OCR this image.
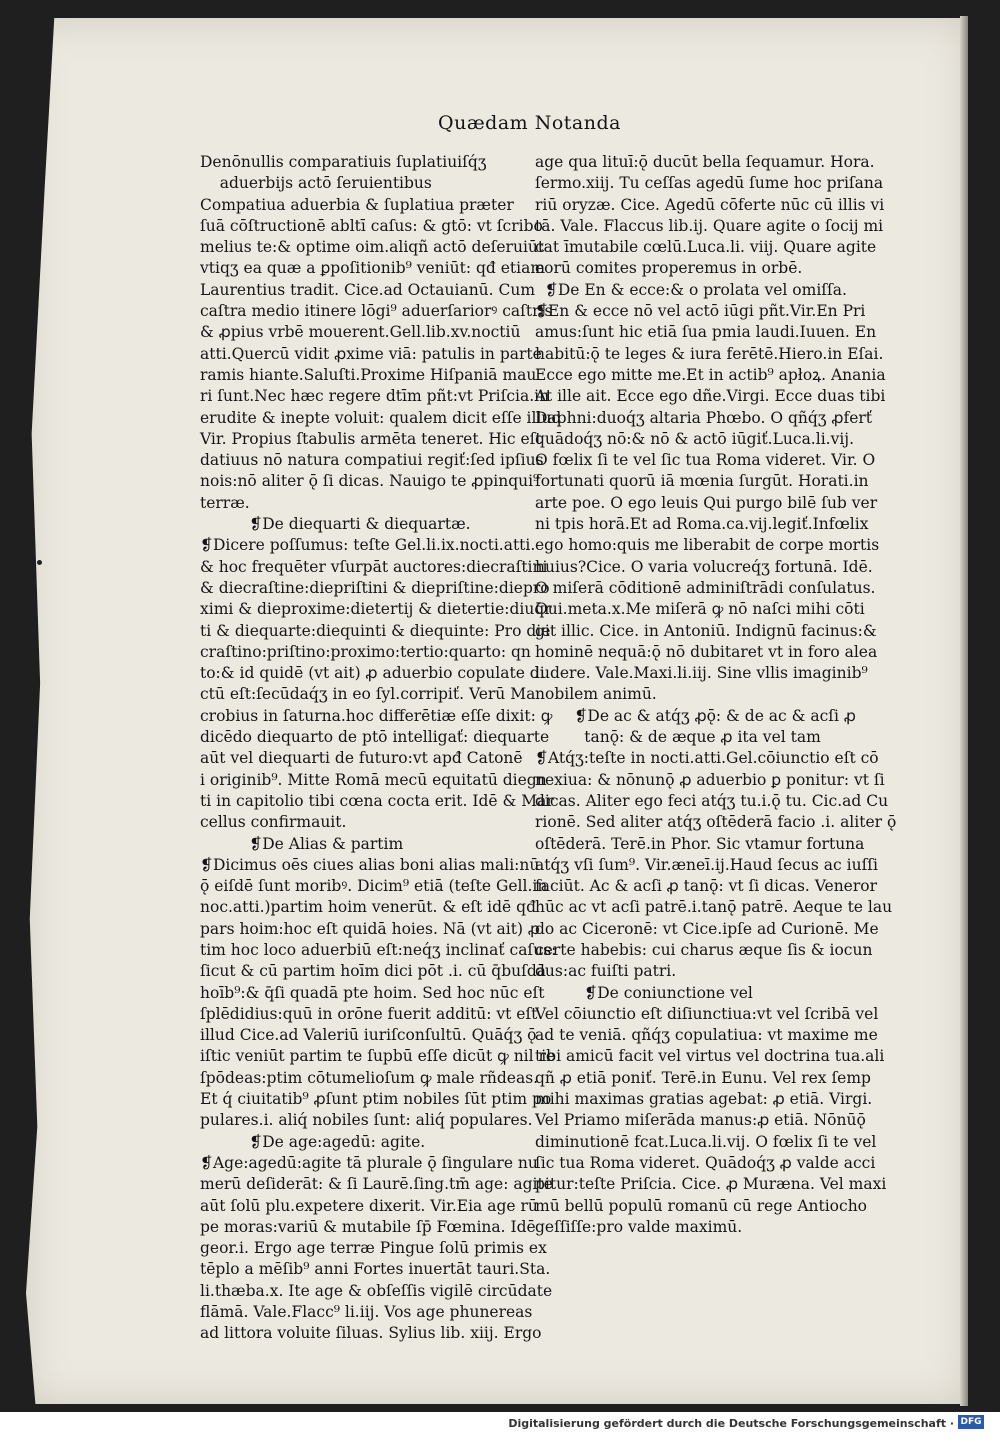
Quædam Notanda
Denōnullis comparatiuis ſuplatiuiſq́ʒ
aduerbijs actō ſeruientibus
Compatiua aduerbia & ſuplatiua præter
ſuā cōſtructionē abltī caſus: & gtō: vt ſcribo
melius te:& optime oim.aliqñ actō deſeruiūt
vtiqʒ ea quæ a ꝑpoſitionib⁹ veniūt: qđ etiam
Laurentius tradit. Cice.ad Octauianū. Cum
caſtra medio itinere lōgi⁹ aduerſariorꝰ caſtris
& ꝓpius vrbē mouerent.Gell.lib.xv.noctiū
atti.Quercū vidit ꝓxime viā: patulis in parte
ramis hiante.Saluſti.Proxime Hiſpaniā mau
ri ſunt.Nec hæc regere dtīm pñt:vt Priſcia.in
erudite & inepte voluit: qualem dicit eſſe illud
Vir. Propius ſtabulis armēta teneret. Hic eſt
datiuus nō natura compatiui regiť:ſed ipſius
nois:nō aliter ǭ ſi dicas. Nauigo te ꝓpinqui⁹
terræ.
❡De diequarti & diequartæ.
❡Dicere poſſumus: teſte Gel.li.ix.nocti.atti.
& hoc frequēter vſurpāt auctores:diecraſtini
& diecraſtine:diepriſtini & diepriſtine:diepro
ximi & dieproxime:dietertij & dietertie:diuq̄r
ti & diequarte:diequinti & diequinte: Pro die
craſtino:priſtino:proximo:tertio:quarto: qn
to:& id quidē (vt ait) ꝓ aduerbio copulate di
ctū eſt:ſecūdaq́ʒ in eo ſyl.corripiť. Verū Ma
crobius in ſaturna.hoc differētiæ eſſe dixit: ꝙ
dicēdo diequarto de ptō intelligať: diequarte
aūt vel diequarti de futuro:vt apđ Catonē
i originib⁹. Mitte Romā mecū equitatū diegn
ti in capitolio tibi cœna cocta erit. Idē & Mar
cellus confirmauit.
❡De Alias & partim
❡Dicimus oēs ciues alias boni alias mali:nū
ǭ eiſdē ſunt moribꝰ. Dicim⁹ etiā (teſte Gell.in
noc.atti.)partim hoim venerūt. & eſt idē qđ
pars hoim:hoc eſt quidā hoies. Nā (vt ait) ꝓ
tim hoc loco aduerbiū eſt:neq́ʒ inclinať caſus:
ſicut & cū partim hoīm dici pōt .i. cū q̄buſdā
hoīb⁹:& q̄ſi quadā pte hoim. Sed hoc nūc eſt
ſplēdidius:quū in orōne fuerit additū: vt eſt
illud Cice.ad Valeriū iuriſconſultū. Quāq́ʒ ǭ
iſtic veniūt partim te ſupbū eſſe dicūt ꝙ nil re
ſpōdeas:ptim cōtumelioſum ꝙ male rñdeas.
Et q́ ciuitatib⁹ ꝓſunt ptim nobiles ſūt ptim po
pulares.i. aliq́ nobiles ſunt: aliq́ populares.
❡De age:agedū: agite.
❡Age:agedū:agite tā plurale ǭ ſingulare nu
merū deſiderāt: & ſi Laurē.ſing.tm̄ age: agite
aūt ſolū plu.expetere dixerit. Vir.Eia age rū
pe moras:variū & mutabile ſp̄ Fœmina. Idē
geor.i. Ergo age terræ Pingue ſolū primis ex
tēplo a mēſib⁹ anni Fortes inuertāt tauri.Sta.
li.thæba.x. Ite age & obſeſſis vigilē circūdate
flāmā. Vale.Flacc⁹ li.iij. Vos age phunereas
ad littora voluite ſiluas. Sylius lib. xiij. Ergo
age qua lituī:ǭ ducūt bella ſequamur. Hora.
ſermo.xiij. Tu ceſſas agedū ſume hoc priſana
riū oryzæ. Cice. Agedū cōferte nūc cū illis vi
tā. Vale. Flaccus lib.ij. Quare agite o ſocij mi
cat īmutabile cœlū.Luca.li. viij. Quare agite
eorū comites properemus in orbē.
❡De En & ecce:& o prolata vel omiſſa.
❡En & ecce nō vel actō iūgi pñt.Vir.En Pri
amus:ſunt hic etiā ſua pmia laudi.Iuuen. En
habitū:ǭ te leges & iura ferētē.Hiero.in Eſai.
Ecce ego mitte me.Et in actib⁹ apłoꝝ. Anania
At ille ait. Ecce ego dñe.Virgi. Ecce duas tibi
Daphni:duoq́ʒ altaria Phœbo. O qñq́ʒ ꝓferť
quādoq́ʒ nō:& nō & actō iūgiť.Luca.li.vij.
O fœlix ſi te vel ſic tua Roma videret. Vir. O
fortunati quorū iā mœnia ſurgūt. Horati.in
arte poe. O ego leuis Qui purgo bilē ſub ver
ni tpis horā.Et ad Roma.ca.vij.legiť.Infœlix
ego homo:quis me liberabit de corpe mortis
huius?Cice. O varia volucreq́ʒ fortunā. Idē.
O miſerā cōditionē adminiſtrādi conſulatus.
Oui.meta.x.Me miſerā ꝙ nō naſci mihi cōti
git illic. Cice. in Antoniū. Indignū facinus:&
hominē nequā:ǭ nō dubitaret vt in foro alea
ludere. Vale.Maxi.li.iij. Sine vllis imaginib⁹
nobilem animū.
❡De ac & atq́ʒ ꝓǭ: & de ac & acſi ꝓ
tanǭ: & de æque ꝓ ita vel tam
❡Atq́ʒ:teſte in nocti.atti.Gel.cōiunctio eſt cō
nexiua: & nōnunǭ ꝓ aduerbio ꝑ ponitur: vt ſi
dicas. Aliter ego feci atq́ʒ tu.i.ǭ tu. Cic.ad Cu
rionē. Sed aliter atq́ʒ oſtēderā facio .i. aliter ǭ
oſtēderā. Terē.in Phor. Sic vtamur fortuna
atq́ʒ vſi ſum⁹. Vir.æneī.ij.Haud ſecus ac iuſſi
faciūt. Ac & acſi ꝓ tanǭ: vt ſi dicas. Veneror
hūc ac vt acſi patrē.i.tanǭ patrē. Aeque te lau
do ac Ciceronē: vt Cice.ipſe ad Curionē. Me
certe habebis: cui charus æque ſis & iocun
dus:ac fuiſti patri.
❡De coniunctione vel
Vel cōiunctio eſt diſiunctiua:vt vel ſcribā vel
ad te veniā. qñq́ʒ copulatiua: vt maxime me
tibi amicū facit vel virtus vel doctrina tua.ali
qñ ꝓ etiā poniť. Terē.in Eunu. Vel rex ſemp
mihi maximas gratias agebat: ꝓ etiā. Virgi.
Vel Priamo miſerāda manus:ꝓ etiā. Nōnūǭ
diminutionē fcat.Luca.li.vij. O fœlix ſi te vel
ſic tua Roma videret. Quādoq́ʒ ꝓ valde acci
pitur:teſte Priſcia. Cice. ꝓ Muræna. Vel maxi
mū bellū populū romanū cū rege Antiocho
geſſiſſe:pro valde maximū.
Digitalisierung gefördert durch die Deutsche Forschungsgemeinschaft · DFG
